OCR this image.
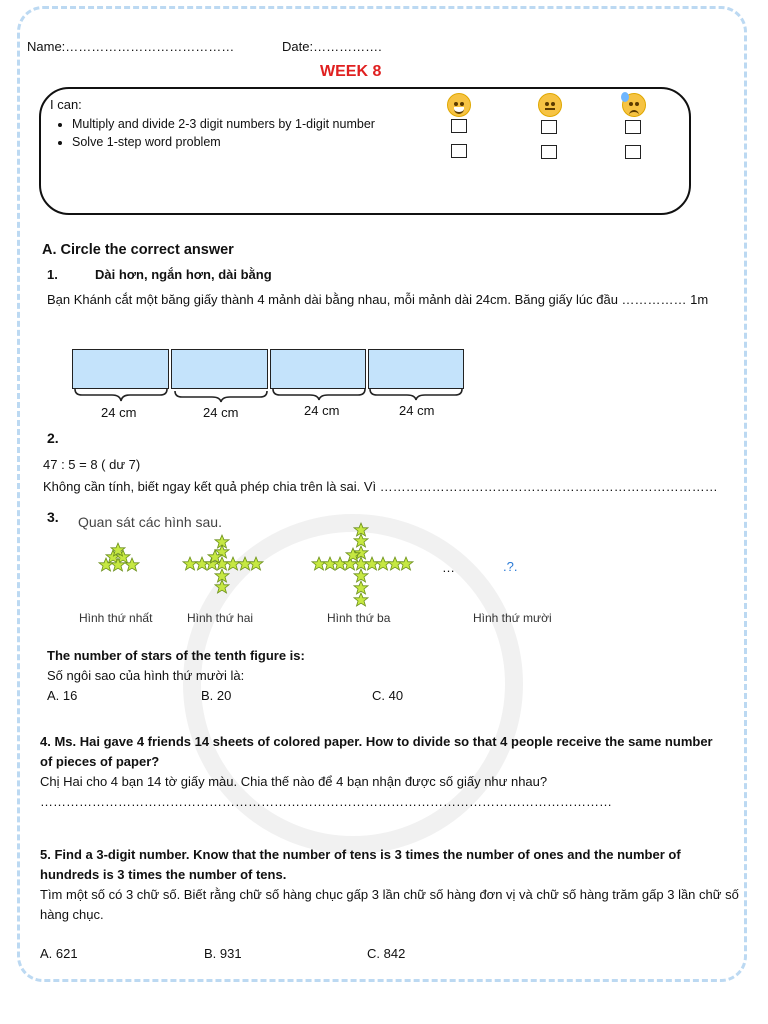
Name:…………………………………	Date:…………….
WEEK 8
I can:
• Multiply and divide 2-3 digit numbers by 1-digit number
• Solve 1-step word problem
A. Circle the correct answer
1.	Dài hơn, ngắn hơn, dài bằng
Bạn Khánh cắt một băng giấy thành 4 mảnh dài bằng nhau, mỗi mảnh dài 24cm. Băng giấy lúc đầu …………… 1m
24 cm	24 cm	24 cm	24 cm
2.
47 : 5 = 8 ( dư 7)
Không cần tính, biết ngay kết quả phép chia trên là sai. Vì ……………………………………………………………………
3. Quan sát các hình sau.
…	.?.
Hình thứ nhất	Hình thứ hai	Hình thứ ba	Hình thứ mười
The number of stars of the tenth figure is:
Số ngôi sao của hình thứ mười là:
A. 16	B. 20	C. 40
4. Ms. Hai gave 4 friends 14 sheets of colored paper. How to divide so that 4 people receive the same number
of pieces of paper?
Chị Hai cho 4 bạn 14 tờ giấy màu. Chia thế nào để 4 bạn nhận được số giấy như nhau?
……………………………………………………………………………………………………………………
5. Find a 3-digit number. Know that the number of tens is 3 times the number of ones and the number of
hundreds is 3 times the number of tens.
Tìm một số có 3 chữ số. Biết rằng chữ số hàng chục gấp 3 lần chữ số hàng đơn vị và chữ số hàng trăm gấp 3 lần chữ số
hàng chục.
A. 621	B. 931	C. 842
